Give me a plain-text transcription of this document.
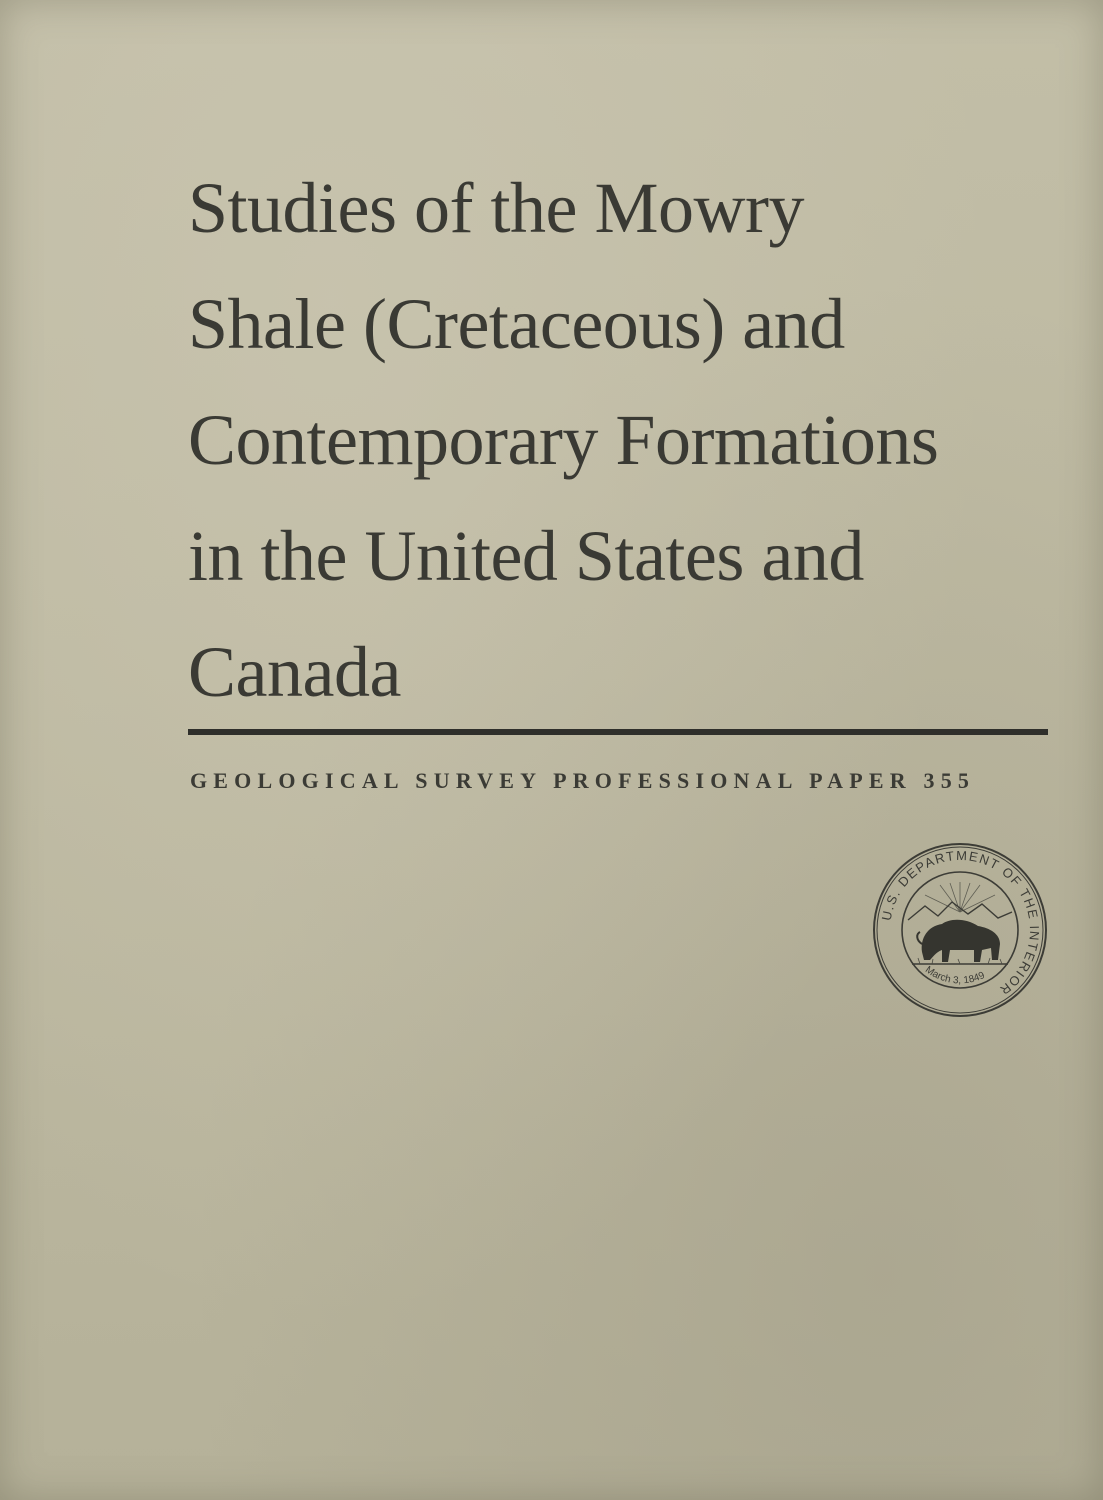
Studies of the Mowry
Shale (Cretaceous) and
Contemporary Formations
in the United States and
Canada
GEOLOGICAL SURVEY PROFESSIONAL PAPER 355
U.S. DEPARTMENT OF THE INTERIOR
March 3, 1849
